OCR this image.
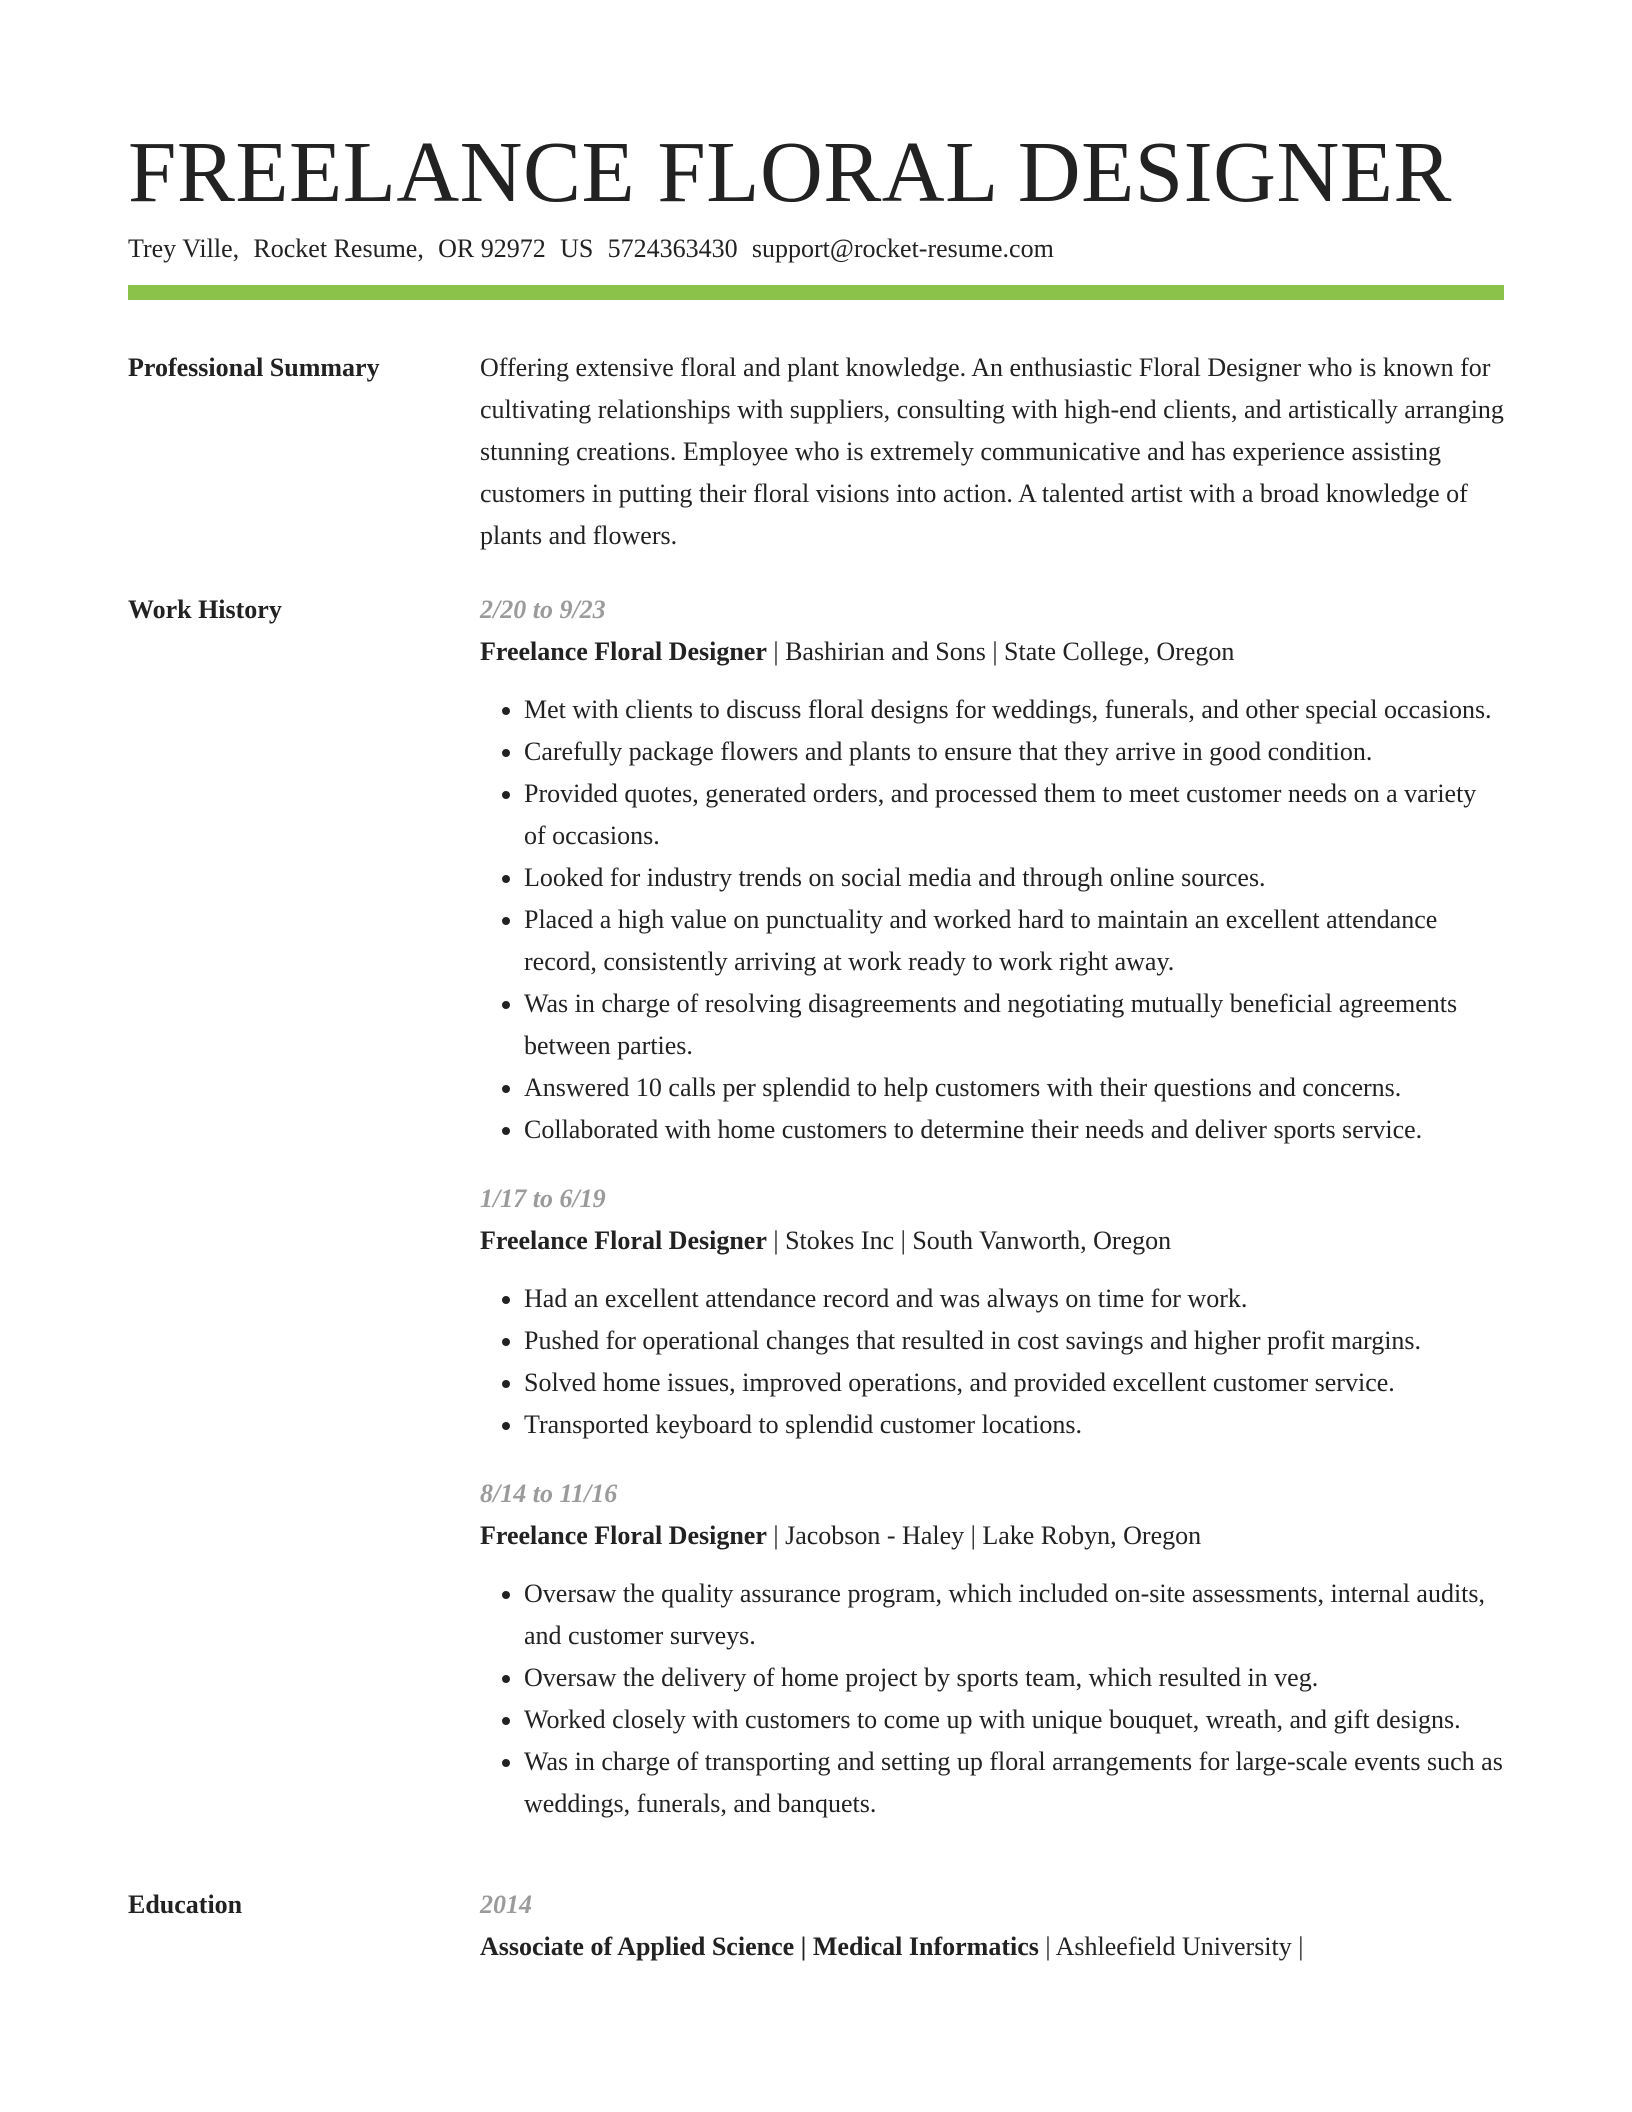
FREELANCE FLORAL DESIGNER
Trey Ville, Rocket Resume, OR 92972 US 5724363430 support@rocket-resume.com
Professional Summary	Offering extensive floral and plant knowledge. An enthusiastic Floral Designer who is known for cultivating relationships with suppliers, consulting with high-end clients, and artistically arranging stunning creations. Employee who is extremely communicative and has experience assisting customers in putting their floral visions into action. A talented artist with a broad knowledge of plants and flowers.

Work History	2/20 to 9/23
Freelance Floral Designer | Bashirian and Sons | State College, Oregon
• Met with clients to discuss floral designs for weddings, funerals, and other special occasions.
• Carefully package flowers and plants to ensure that they arrive in good condition.
• Provided quotes, generated orders, and processed them to meet customer needs on a variety of occasions.
• Looked for industry trends on social media and through online sources.
• Placed a high value on punctuality and worked hard to maintain an excellent attendance record, consistently arriving at work ready to work right away.
• Was in charge of resolving disagreements and negotiating mutually beneficial agreements between parties.
• Answered 10 calls per splendid to help customers with their questions and concerns.
• Collaborated with home customers to determine their needs and deliver sports service.
1/17 to 6/19
Freelance Floral Designer | Stokes Inc | South Vanworth, Oregon
• Had an excellent attendance record and was always on time for work.
• Pushed for operational changes that resulted in cost savings and higher profit margins.
• Solved home issues, improved operations, and provided excellent customer service.
• Transported keyboard to splendid customer locations.
8/14 to 11/16
Freelance Floral Designer | Jacobson - Haley | Lake Robyn, Oregon
• Oversaw the quality assurance program, which included on-site assessments, internal audits, and customer surveys.
• Oversaw the delivery of home project by sports team, which resulted in veg.
• Worked closely with customers to come up with unique bouquet, wreath, and gift designs.
• Was in charge of transporting and setting up floral arrangements for large-scale events such as weddings, funerals, and banquets.
Education	2014
Associate of Applied Science | Medical Informatics | Ashleefield University |
